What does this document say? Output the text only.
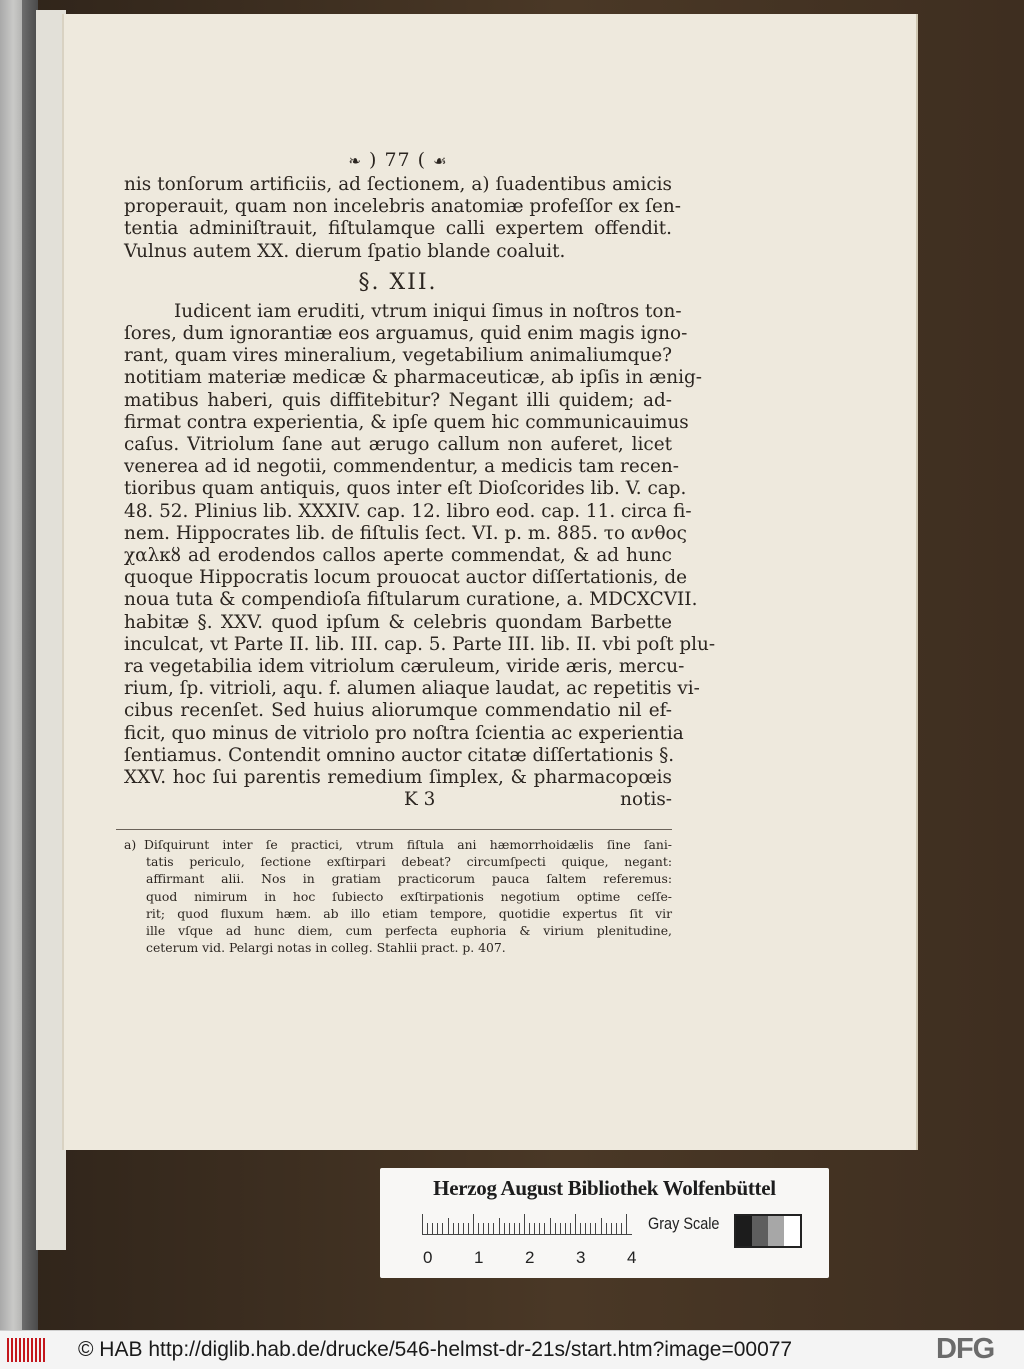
❧ ) 77 ( ☙
nis tonſorum artificiis, ad ſectionem, a) ſuadentibus amicis
properauit, quam non incelebris anatomiæ profeſſor ex ſen-
tentia adminiſtrauit, fiſtulamque calli expertem offendit.
Vulnus autem XX. dierum ſpatio blande coaluit.
§. XII.
Iudicent iam eruditi, vtrum iniqui ſimus in noſtros ton-
ſores, dum ignorantiæ eos arguamus, quid enim magis igno-
rant, quam vires mineralium, vegetabilium animaliumque?
notitiam materiæ medicæ & pharmaceuticæ, ab ipſis in ænig-
matibus haberi, quis diffitebitur? Negant illi quidem; ad-
firmat contra experientia, & ipſe quem hic communicauimus
caſus. Vitriolum ſane aut ærugo callum non auferet, licet
venerea ad id negotii, commendentur, a medicis tam recen-
tioribus quam antiquis, quos inter eſt Dioſcorides lib. V. cap.
48. 52. Plinius lib. XXXIV. cap. 12. libro eod. cap. 11. circa fi-
nem. Hippocrates lib. de fiſtulis ſect. VI. p. m. 885. το ανθος
χαλκȣ ad erodendos callos aperte commendat, & ad hunc
quoque Hippocratis locum prouocat auctor diſſertationis, de
noua tuta & compendioſa fiſtularum curatione, a. MDCXCVII.
habitæ §. XXV. quod ipſum & celebris quondam Barbette
inculcat, vt Parte II. lib. III. cap. 5. Parte III. lib. II. vbi poſt plu-
ra vegetabilia idem vitriolum cæruleum, viride æris, mercu-
rium, ſp. vitrioli, aqu. f. alumen aliaque laudat, ac repetitis vi-
cibus recenſet. Sed huius aliorumque commendatio nil ef-
ficit, quo minus de vitriolo pro noſtra ſcientia ac experientia
ſentiamus. Contendit omnino auctor citatæ diſſertationis §.
XXV. hoc ſui parentis remedium ſimplex, & pharmacopœis
K 3	notis-
a) Diſquirunt inter ſe practici, vtrum fiſtula ani hæmorrhoidælis ſine ſani-
tatis periculo, ſectione exſtirpari debeat? circumſpecti quique, negant:
affirmant alii. Nos in gratiam practicorum pauca ſaltem referemus:
quod nimirum in hoc ſubiecto exſtirpationis negotium optime ceſſe-
rit; quod fluxum hæm. ab illo etiam tempore, quotidie expertus ſit vir
ille vſque ad hunc diem, cum perfecta euphoria & virium plenitudine,
ceterum vid. Pelargi notas in colleg. Stahlii pract. p. 407.
Herzog August Bibliothek Wolfenbüttel
0 1 2 3 4
Gray Scale
© HAB http://diglib.hab.de/drucke/546-helmst-dr-21s/start.htm?image=00077	DFG
